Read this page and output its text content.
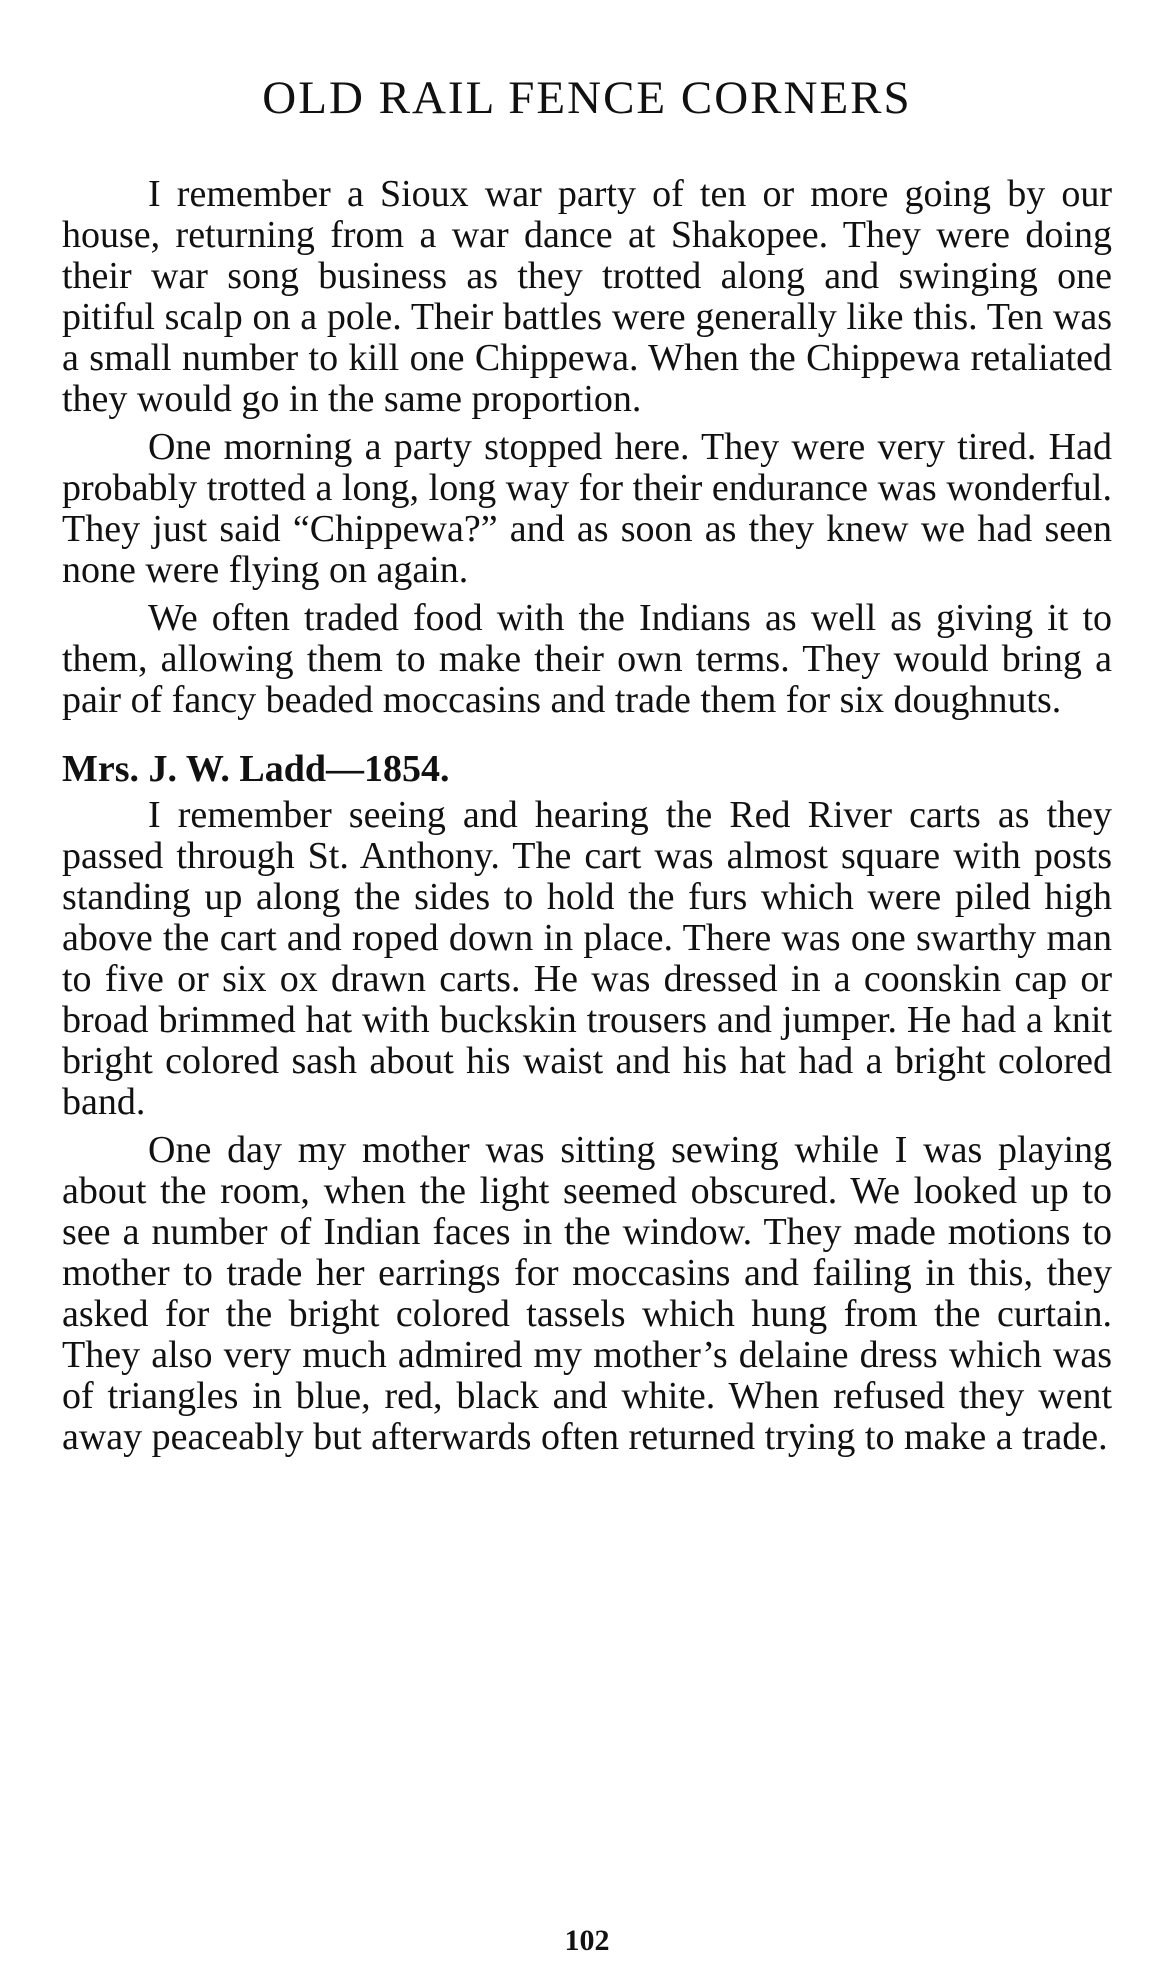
OLD RAIL FENCE CORNERS

I remember a Sioux war party of ten or more going by our house, returning from a war dance at Shakopee. They were doing their war song business as they trotted along and swinging one pitiful scalp on a pole. Their battles were generally like this. Ten was a small number to kill one Chippewa. When the Chippewa retaliated they would go in the same proportion.

One morning a party stopped here. They were very tired. Had probably trotted a long, long way for their endurance was wonderful. They just said “Chippewa?” and as soon as they knew we had seen none were flying on again.

We often traded food with the Indians as well as giving it to them, allowing them to make their own terms. They would bring a pair of fancy beaded moccasins and trade them for six doughnuts.

Mrs. J. W. Ladd—1854.

I remember seeing and hearing the Red River carts as they passed through St. Anthony. The cart was almost square with posts standing up along the sides to hold the furs which were piled high above the cart and roped down in place. There was one swarthy man to five or six ox drawn carts. He was dressed in a coonskin cap or broad brimmed hat with buckskin trousers and jumper. He had a knit bright colored sash about his waist and his hat had a bright colored band.

One day my mother was sitting sewing while I was playing about the room, when the light seemed obscured. We looked up to see a number of Indian faces in the window. They made motions to mother to trade her earrings for moccasins and failing in this, they asked for the bright colored tassels which hung from the curtain. They also very much admired my mother’s delaine dress which was of triangles in blue, red, black and white. When refused they went away peaceably but afterwards often returned trying to make a trade.

102
